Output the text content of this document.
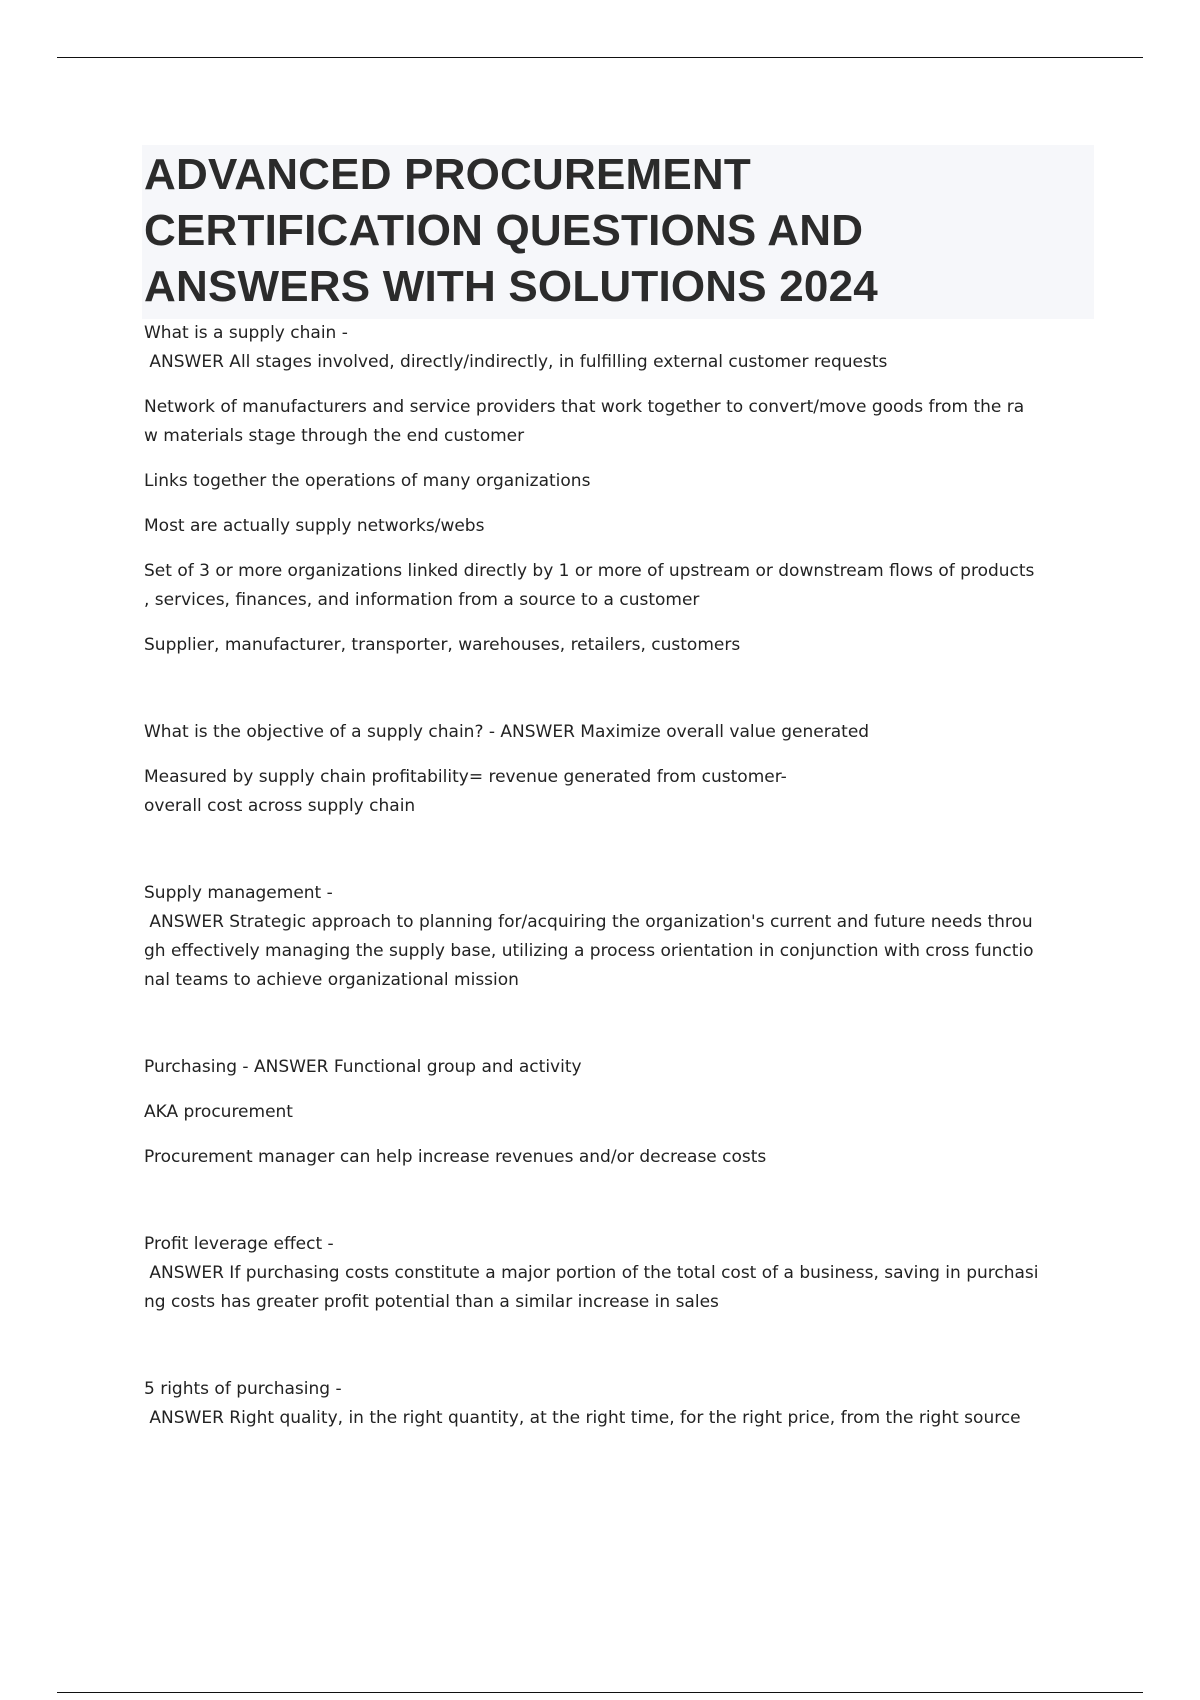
ADVANCED PROCUREMENT CERTIFICATION QUESTIONS AND ANSWERS WITH SOLUTIONS 2024

What is a supply chain -

ANSWER All stages involved, directly/indirectly, in fulfilling external customer requests

Network of manufacturers and service providers that work together to convert/move goods from the ra
w materials stage through the end customer

Links together the operations of many organizations

Most are actually supply networks/webs

Set of 3 or more organizations linked directly by 1 or more of upstream or downstream flows of products
, services, finances, and information from a source to a customer

Supplier, manufacturer, transporter, warehouses, retailers, customers

What is the objective of a supply chain? - ANSWER Maximize overall value generated

Measured by supply chain profitability= revenue generated from customer-
overall cost across supply chain

Supply management -

ANSWER Strategic approach to planning for/acquiring the organization's current and future needs throu
gh effectively managing the supply base, utilizing a process orientation in conjunction with cross functio
nal teams to achieve organizational mission

Purchasing - ANSWER Functional group and activity

AKA procurement

Procurement manager can help increase revenues and/or decrease costs

Profit leverage effect -

ANSWER If purchasing costs constitute a major portion of the total cost of a business, saving in purchasi
ng costs has greater profit potential than a similar increase in sales

5 rights of purchasing -

ANSWER Right quality, in the right quantity, at the right time, for the right price, from the right source
